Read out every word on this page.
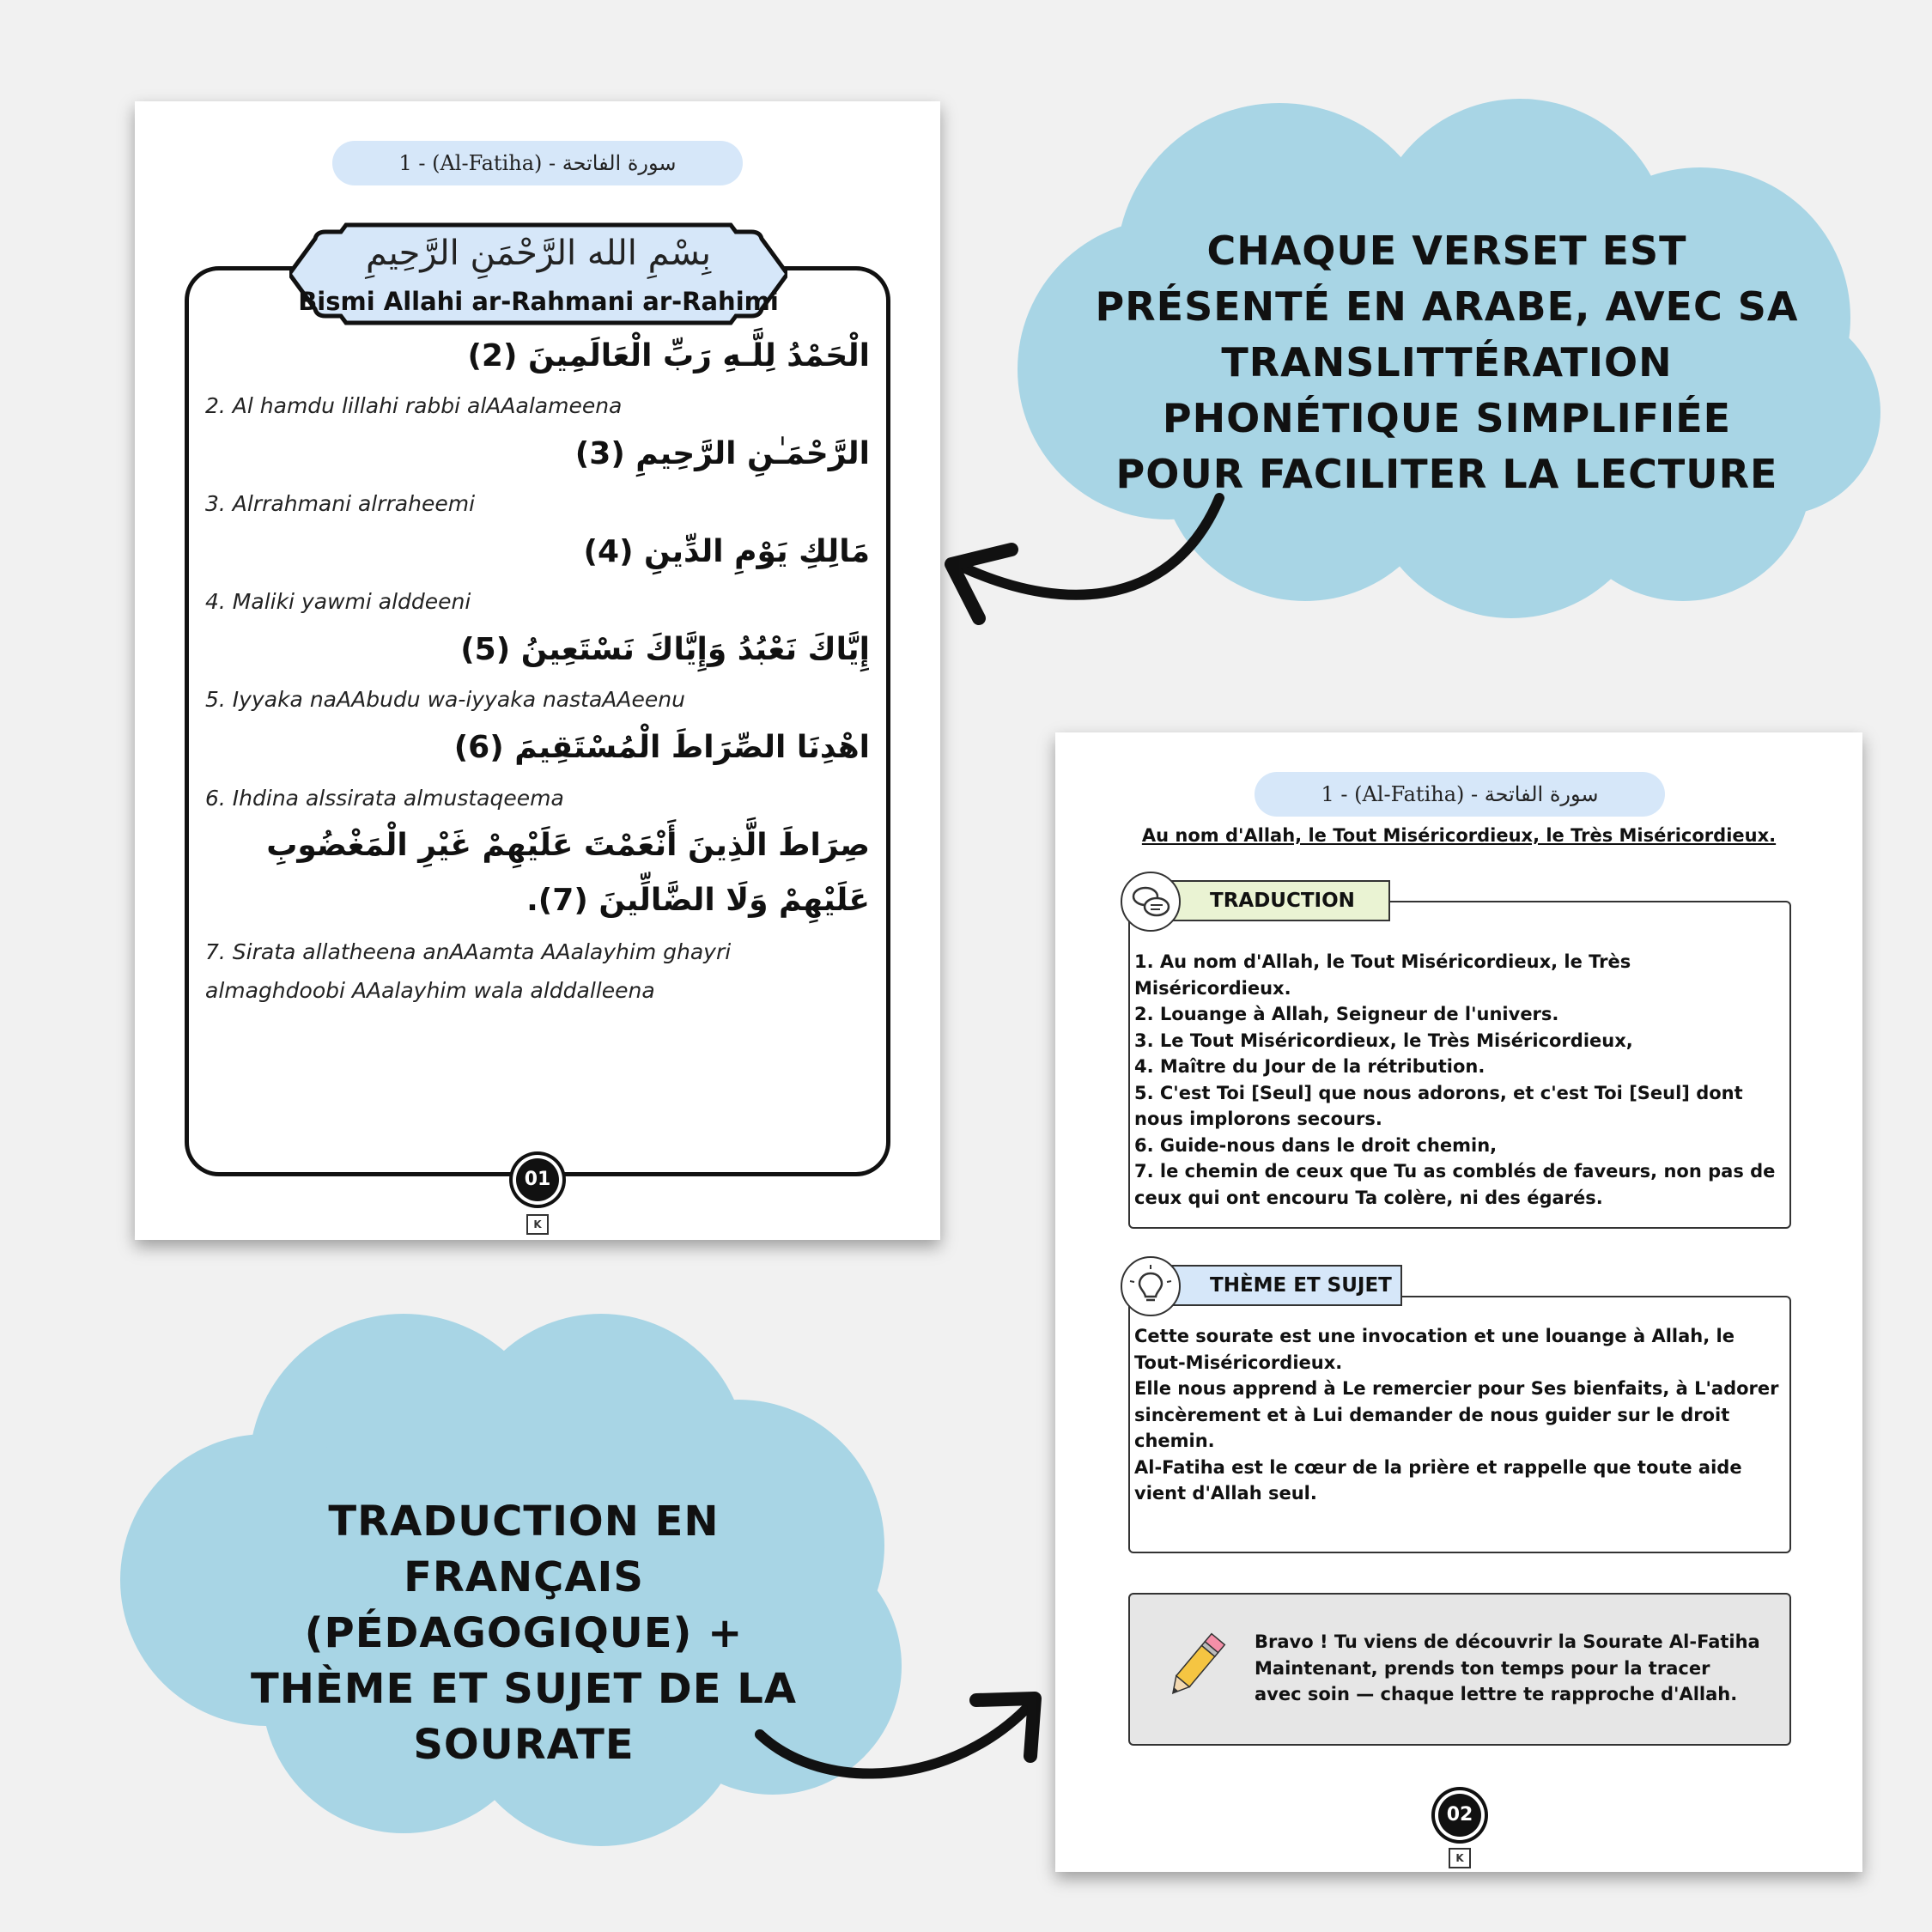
CHAQUE VERSET EST PRÉSENTÉ EN ARABE, AVEC SA TRANSLITTÉRATION PHONÉTIQUE SIMPLIFIÉE POUR FACILITER LA LECTURE
TRADUCTION EN FRANÇAIS (PÉDAGOGIQUE) + THÈME ET SUJET DE LA SOURATE
1 - (Al-Fatiha) - سورة الفاتحة
بِسْمِ الله الرَّحْمَنِ الرَّحِيمِ
Bismi Allahi ar-Rahmani ar-Rahimi
الْحَمْدُ لِلَّـهِ رَبِّ الْعَالَمِينَ (2)
2. Al hamdu lillahi rabbi alAAalameena
الرَّحْمَـٰنِ الرَّحِيمِ (3)
3. Alrrahmani alrraheemi
مَالِكِ يَوْمِ الدِّينِ (4)
4. Maliki yawmi alddeeni
إِيَّاكَ نَعْبُدُ وَإِيَّاكَ نَسْتَعِينُ (5)
5. Iyyaka naAAbudu wa-iyyaka nastaAAeenu
اهْدِنَا الصِّرَاطَ الْمُسْتَقِيمَ (6)
6. Ihdina alssirata almustaqeema
صِرَاطَ الَّذِينَ أَنْعَمْتَ عَلَيْهِمْ غَيْرِ الْمَغْضُوبِ
عَلَيْهِمْ وَلَا الضَّالِّينَ (7).
7. Sirata allatheena anAAamta AAalayhim ghayri almaghdoobi AAalayhim wala alddalleena
01
K
1 - (Al-Fatiha) - سورة الفاتحة
Au nom d'Allah, le Tout Miséricordieux, le Très Miséricordieux.
TRADUCTION
1. Au nom d'Allah, le Tout Miséricordieux, le Très Miséricordieux.
2. Louange à Allah, Seigneur de l'univers.
3. Le Tout Miséricordieux, le Très Miséricordieux,
4. Maître du Jour de la rétribution.
5. C'est Toi [Seul] que nous adorons, et c'est Toi [Seul] dont nous implorons secours.
6. Guide-nous dans le droit chemin,
7. le chemin de ceux que Tu as comblés de faveurs, non pas de ceux qui ont encouru Ta colère, ni des égarés.
THÈME ET SUJET
Cette sourate est une invocation et une louange à Allah, le Tout-Miséricordieux.
Elle nous apprend à Le remercier pour Ses bienfaits, à L'adorer sincèrement et à Lui demander de nous guider sur le droit chemin.
Al-Fatiha est le cœur de la prière et rappelle que toute aide vient d'Allah seul.
Bravo ! Tu viens de découvrir la Sourate Al-Fatiha
Maintenant, prends ton temps pour la tracer avec soin — chaque lettre te rapproche d'Allah.
02
K
